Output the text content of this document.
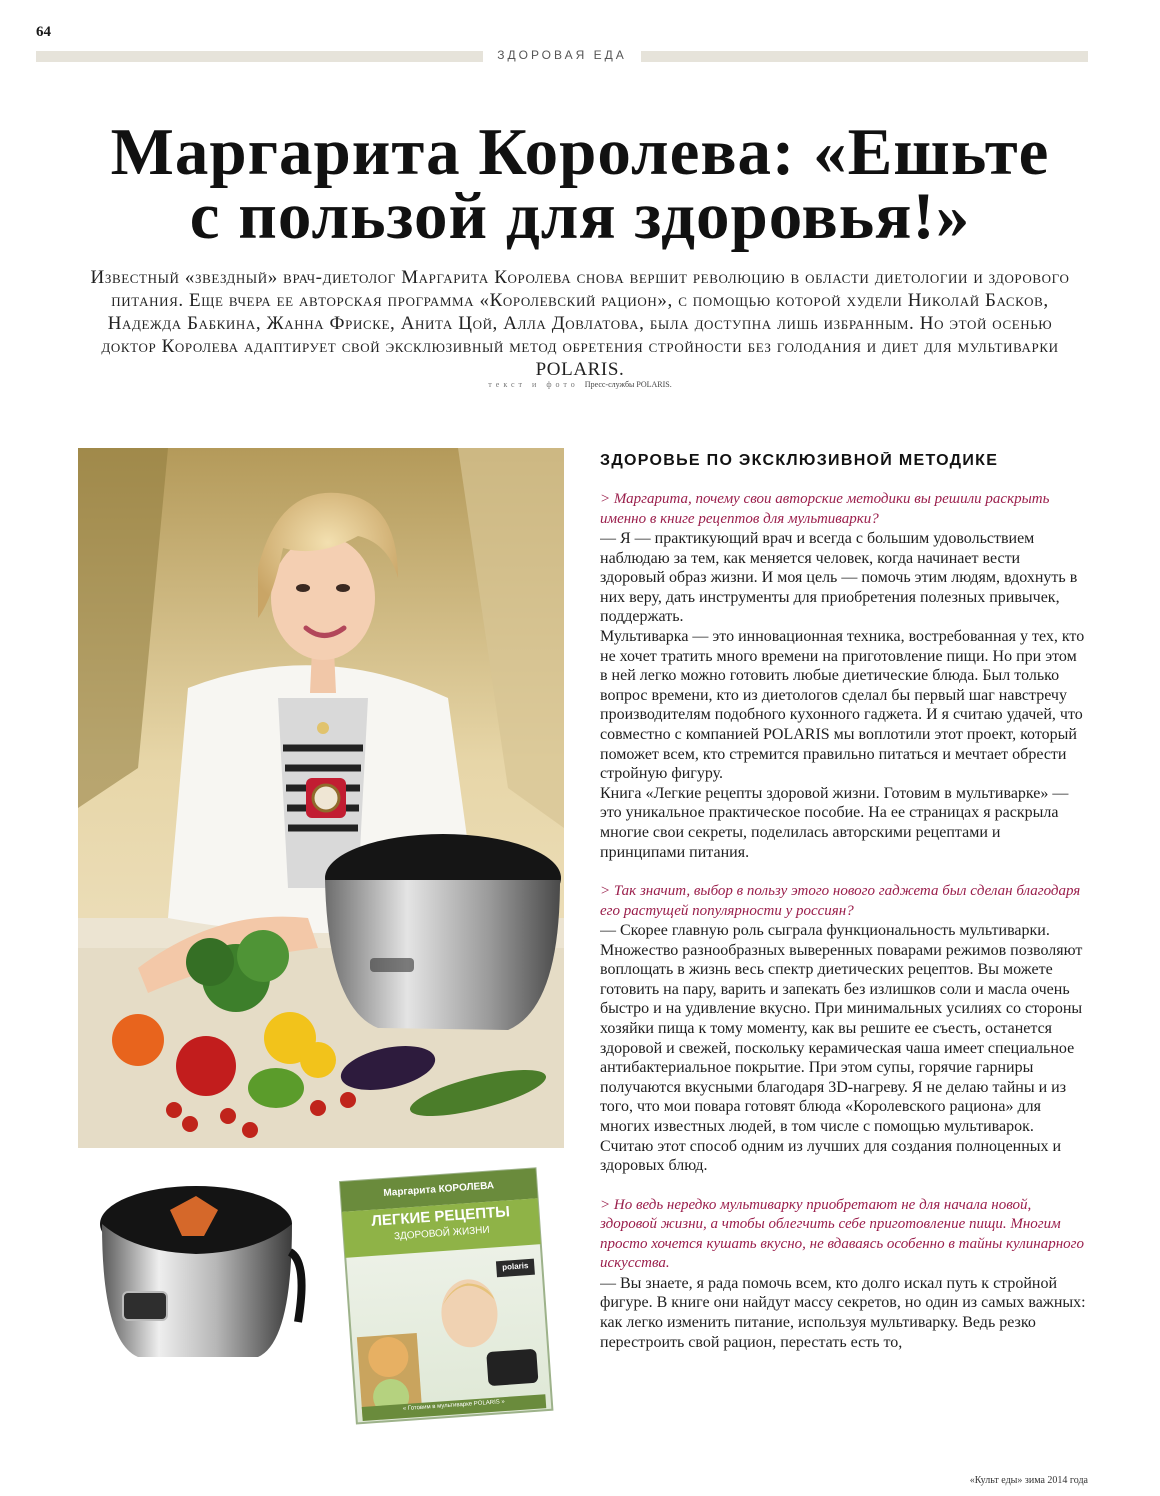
64
ЗДОРОВАЯ ЕДА
Маргарита Королева: «Ешьте
с пользой для здоровья!»
Известный «звездный» врач-диетолог Маргарита Королева снова вершит революцию в области диетологии и здорового питания. Еще вчера ее авторская программа «Королевский рацион», с помощью которой худели Николай Басков, Надежда Бабкина, Жанна Фриске, Анита Цой, Алла Довлатова, была доступна лишь избранным. Но этой осенью доктор Королева адаптирует свой эксклюзивный метод обретения стройности без голодания и диет для мультиварки POLARIS.
текст и фото Пресс-службы POLARIS.
Маргарита КОРОЛЕВА
ЛЕГКИЕ РЕЦЕПТЫ
ЗДОРОВОЙ ЖИЗНИ
polaris
« Готовим в мультиварке POLARIS »
ЗДОРОВЬЕ ПО ЭКСКЛЮЗИВНОЙ МЕТОДИКЕ

> Маргарита, почему свои авторские методики вы решили раскрыть именно в книге рецептов для мультиварки?

— Я — практикующий врач и всегда с большим удовольствием наблюдаю за тем, как меняется человек, когда начинает вести здоровый образ жизни. И моя цель — помочь этим людям, вдохнуть в них веру, дать инструменты для приобретения полезных привычек, поддержать.

Мультиварка — это инновационная техника, востребованная у тех, кто не хочет тратить много времени на приготовление пищи. Но при этом в ней легко можно готовить любые диетические блюда. Был только вопрос времени, кто из диетологов сделал бы первый шаг навстречу производителям подобного кухонного гаджета. И я считаю удачей, что совместно с компанией POLARIS мы воплотили этот проект, который поможет всем, кто стремится правильно питаться и мечтает обрести стройную фигуру.

Книга «Легкие рецепты здоровой жизни. Готовим в мультиварке» — это уникальное практическое пособие. На ее страницах я раскрыла многие свои секреты, поделилась авторскими рецептами и принципами питания.

> Так значит, выбор в пользу этого нового гаджета был сделан благодаря его растущей популярности у россиян?

— Скорее главную роль сыграла функциональность мультиварки. Множество разнообразных выверенных поварами режимов позволяют воплощать в жизнь весь спектр диетических рецептов. Вы можете готовить на пару, варить и запекать без излишков соли и масла очень быстро и на удивление вкусно. При минимальных усилиях со стороны хозяйки пища к тому моменту, как вы решите ее съесть, останется здоровой и свежей, поскольку керамическая чаша имеет специальное антибактериальное покрытие. При этом супы, горячие гарниры получаются вкусными благодаря 3D-нагреву. Я не делаю тайны и из того, что мои повара готовят блюда «Королевского рациона» для многих известных людей, в том числе с помощью мультиварок. Считаю этот способ одним из лучших для создания полноценных и здоровых блюд.

> Но ведь нередко мультиварку приобретают не для начала новой, здоровой жизни, а чтобы облегчить себе приготовление пищи. Многим просто хочется кушать вкусно, не вдаваясь особенно в тайны кулинарного искусства.

— Вы знаете, я рада помочь всем, кто долго искал путь к стройной фигуре. В книге они найдут массу секретов, но один из самых важных: как легко изменить питание, используя мультиварку. Ведь резко перестроить свой рацион, перестать есть то,

«Культ еды» зима 2014 года
